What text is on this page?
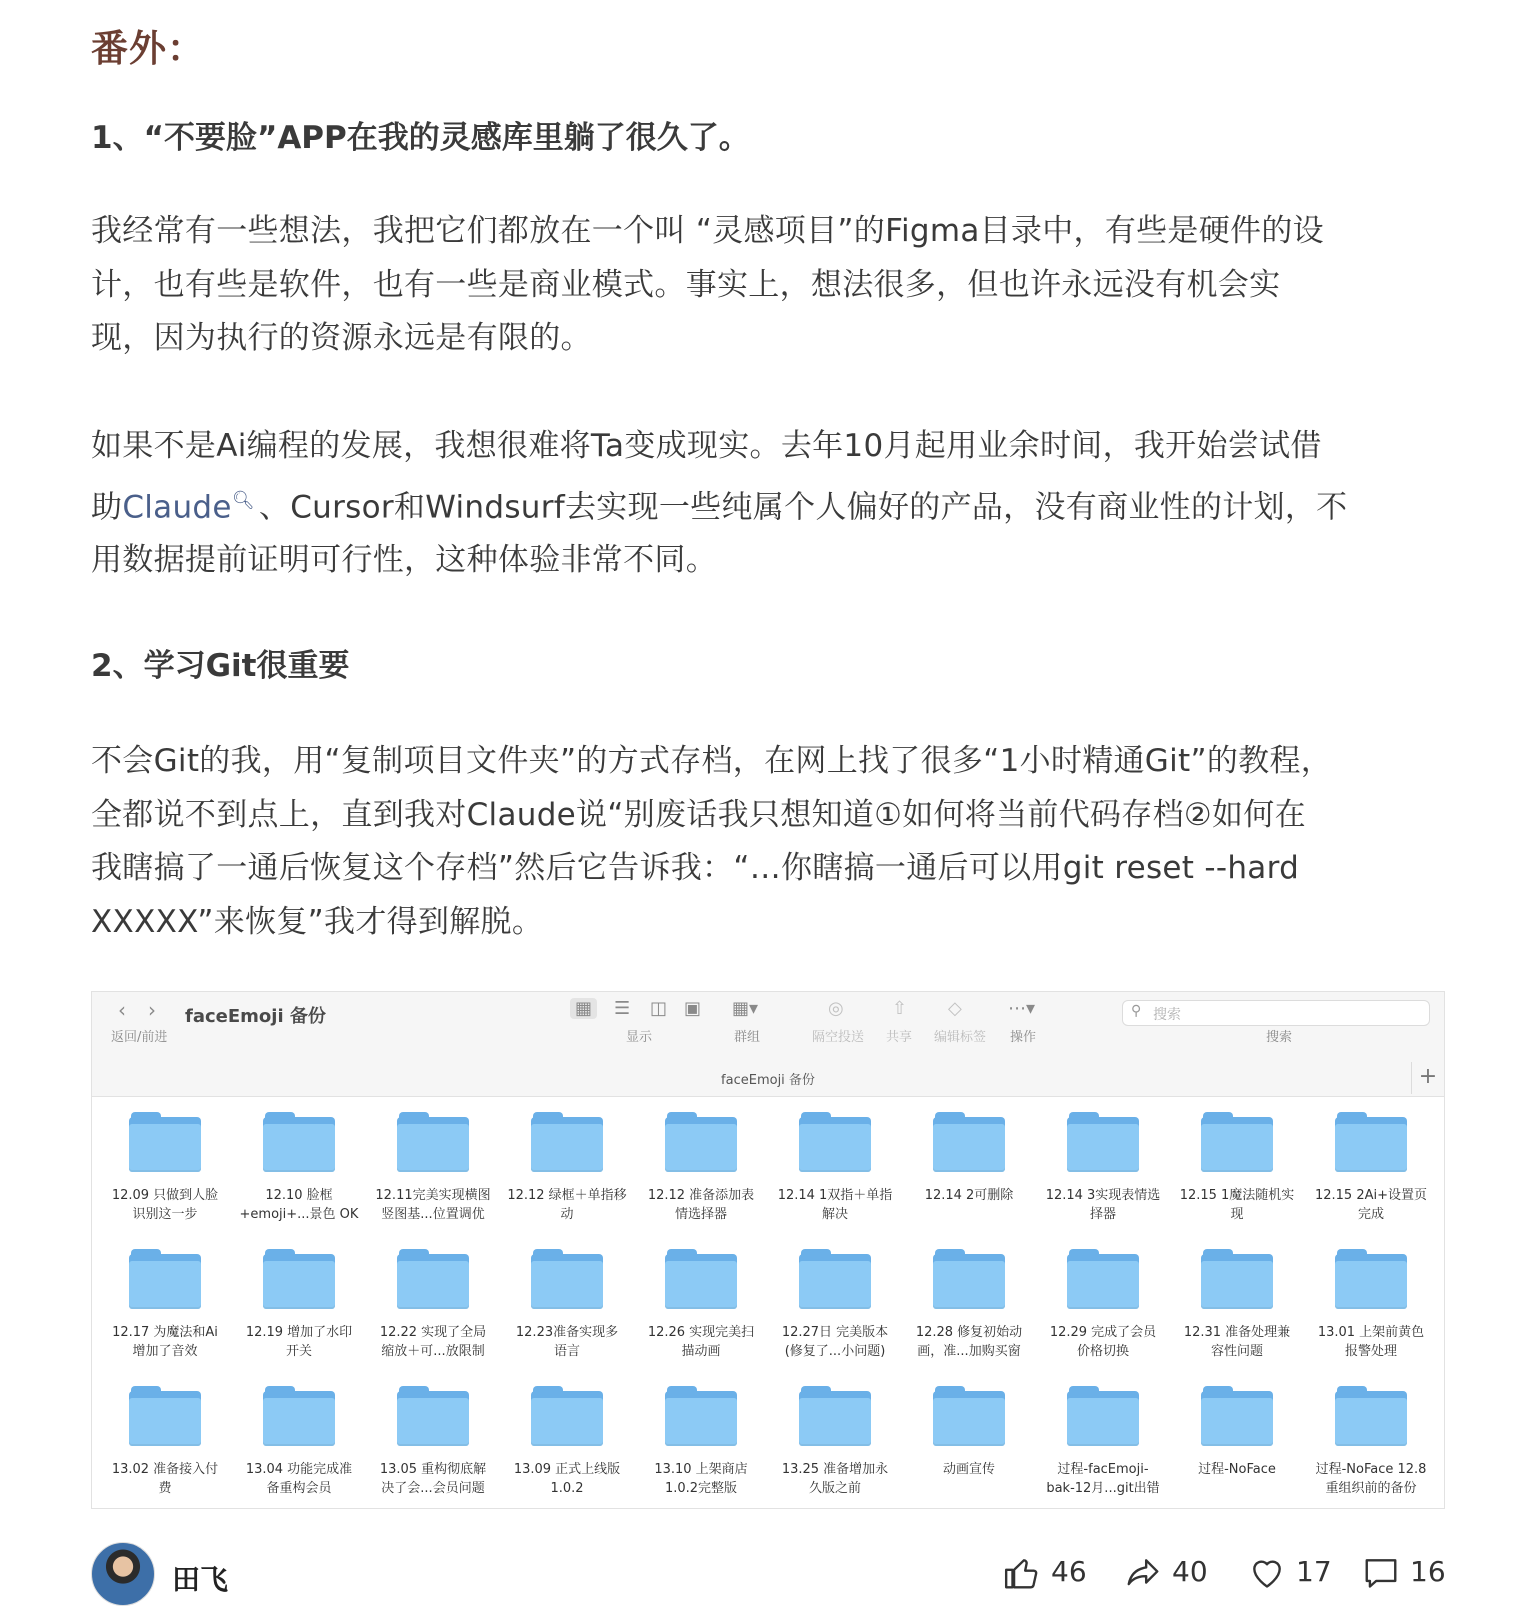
番外：
1、“不要脸”APP在我的灵感库里躺了很久了。
我经常有一些想法，我把它们都放在一个叫 “灵感项目”的Figma目录中，有些是硬件的设
计，也有些是软件，也有一些是商业模式。事实上，想法很多，但也许永远没有机会实
现，因为执行的资源永远是有限的。
如果不是Ai编程的发展，我想很难将Ta变成现实。去年10月起用业余时间，我开始尝试借
助Claude🔍︎ 、Cursor和Windsurf去实现一些纯属个人偏好的产品，没有商业性的计划，不
用数据提前证明可行性，这种体验非常不同。
2、学习Git很重要
不会Git的我，用“复制项目文件夹”的方式存档，在网上找了很多“1小时精通Git”的教程，
全都说不到点上，直到我对Claude说“别废话我只想知道①如何将当前代码存档②如何在
我瞎搞了一通后恢复这个存档”然后它告诉我：“…你瞎搞一通后可以用git reset --hard
XXXXX”来恢复”我才得到解脱。
‹ ›
返回/前进
faceEmoji 备份	▦ ☰ ◫ ▣
显示
▦▾
群组
◎
隔空投送
⇧
共享
◇
编辑标签
⋯▾
操作
⚲ 搜索
搜索
faceEmoji 备份	+
12.09 只做到人脸
识别这一步
12.10 脸框
+emoji+...景色 OK
12.11完美实现横图
竖图基...位置调优
12.12 绿框＋单指移
动
12.12 准备添加表
情选择器
12.14 1双指＋单指
解决
12.14 2可删除	12.14 3实现表情选
择器
12.15 1魔法随机实
现
12.15 2Ai+设置页
完成
12.17 为魔法和Ai
增加了音效
12.19 增加了水印
开关
12.22 实现了全局
缩放＋可...放限制
12.23准备实现多
语言
12.26 实现完美扫
描动画
12.27日 完美版本
(修复了...小问题)
12.28 修复初始动
画，准...加购买窗
12.29 完成了会员
价格切换
12.31 准备处理兼
容性问题
13.01 上架前黄色
报警处理
13.02 准备接入付
费
13.04 功能完成准
备重构会员
13.05 重构彻底解
决了会...会员问题
13.09 正式上线版
1.0.2
13.10 上架商店
1.0.2完整版
13.25 准备增加永
久版之前
动画宣传	过程-facEmoji-
bak-12月...git出错
过程-NoFace	过程-NoFace 12.8
重组织前的备份
田飞	46	40	17	16
